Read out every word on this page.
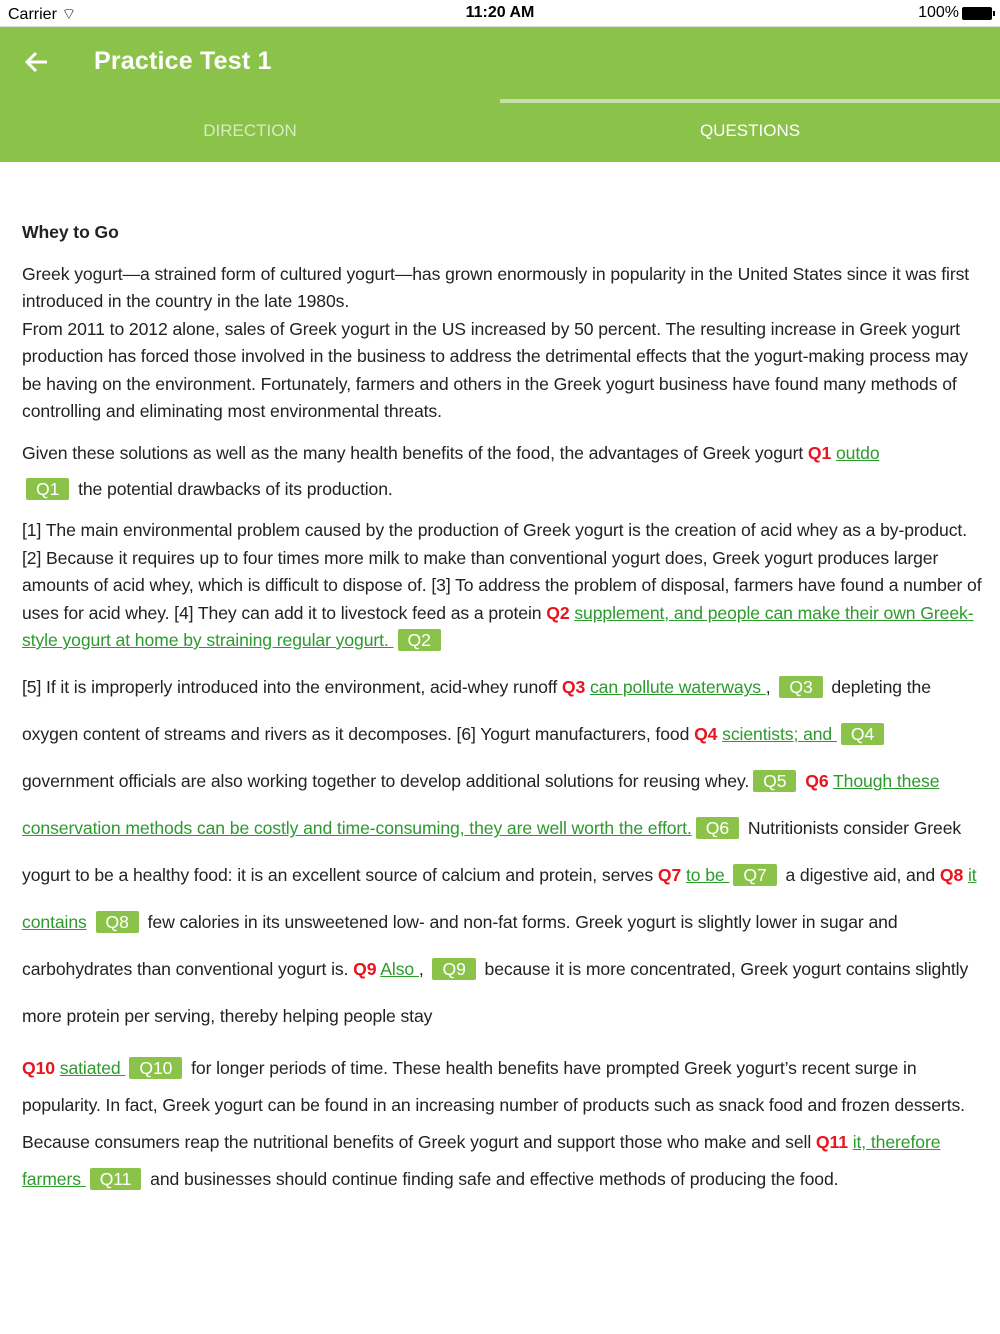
Carrier ︎⌔	11:20 AM	100%
Practice Test 1
DIRECTION	QUESTIONS
Whey to Go

Greek yogurt—a strained form of cultured yogurt—has grown enormously in popularity in the United States since it was first introduced in the country in the late 1980s.
From 2011 to 2012 alone, sales of Greek yogurt in the US increased by 50 percent. The resulting increase in Greek yogurt production has forced those involved in the business to address the detrimental effects that the yogurt-making process may be having on the environment. Fortunately, farmers and others in the Greek yogurt business have found many methods of controlling and eliminating most environmental threats.

Given these solutions as well as the many health benefits of the food, the advantages of Greek yogurt Q1 outdo
Q1 the potential drawbacks of its production.

[1] The main environmental problem caused by the production of Greek yogurt is the creation of acid whey as a by-product. [2] Because it requires up to four times more milk to make than conventional yogurt does, Greek yogurt produces larger amounts of acid whey, which is difficult to dispose of. [3] To address the problem of disposal, farmers have found a number of uses for acid whey. [4] They can add it to livestock feed as a protein Q2 supplement, and people can make their own Greek-style yogurt at home by straining regular yogurt. Q2

[5] If it is improperly introduced into the environment, acid-whey runoff Q3 can pollute waterways , Q3 depleting the oxygen content of streams and rivers as it decomposes. [6] Yogurt manufacturers, food Q4 scientists; and Q4 government officials are also working together to develop additional solutions for reusing whey. Q5 Q6 Though these conservation methods can be costly and time-consuming, they are well worth the effort. Q6 Nutritionists consider Greek yogurt to be a healthy food: it is an excellent source of calcium and protein, serves Q7 to be Q7 a digestive aid, and Q8 it contains Q8 few calories in its unsweetened low- and non-fat forms. Greek yogurt is slightly lower in sugar and carbohydrates than conventional yogurt is. Q9 Also , Q9 because it is more concentrated, Greek yogurt contains slightly more protein per serving, thereby helping people stay

Q10 satiated Q10 for longer periods of time. These health benefits have prompted Greek yogurt’s recent surge in popularity. In fact, Greek yogurt can be found in an increasing number of products such as snack food and frozen desserts. Because consumers reap the nutritional benefits of Greek yogurt and support those who make and sell Q11 it, therefore farmers Q11 and businesses should continue finding safe and effective methods of producing the food.
